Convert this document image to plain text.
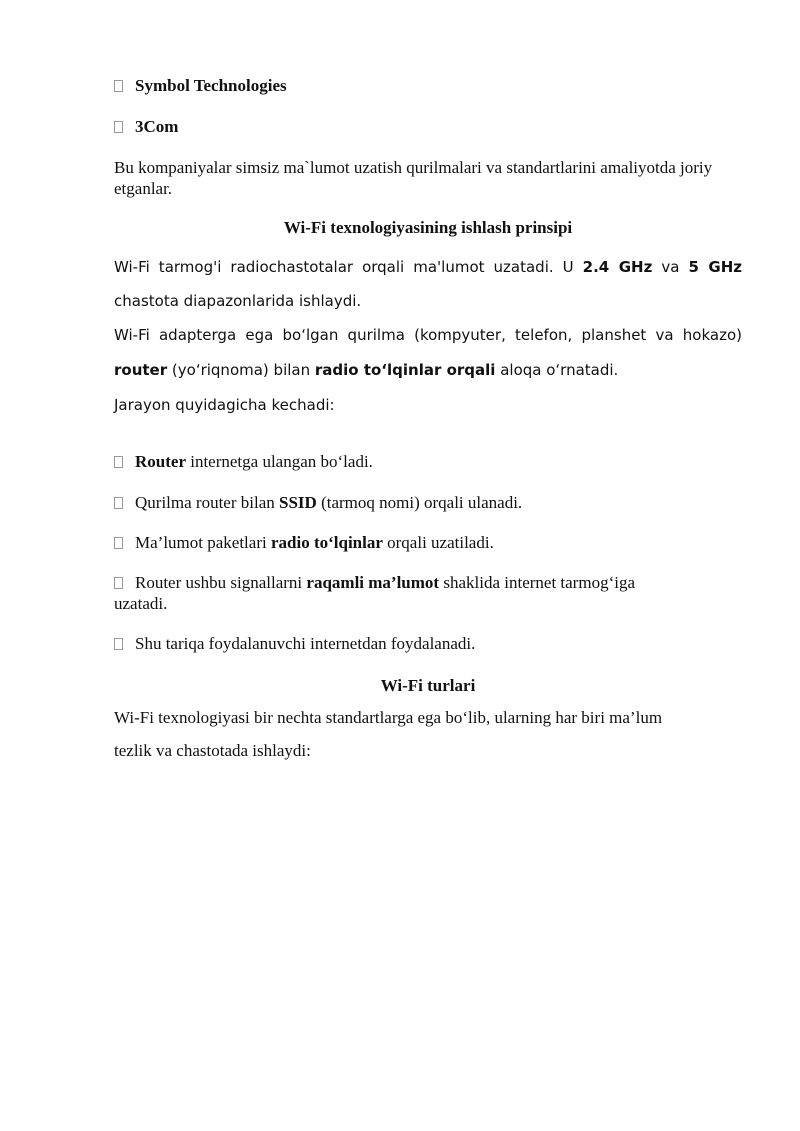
Symbol Technologies
3Com
Bu kompaniyalar simsiz ma`lumot uzatish qurilmalari va standartlarini amaliyotda joriy etganlar.
Wi-Fi texnologiyasining ishlash prinsipi
Wi-Fi tarmog'i radiochastotalar orqali ma'lumot uzatadi. U 2.4 GHz va 5 GHz
chastota diapazonlarida ishlaydi.
Wi-Fi adapterga ega bo‘lgan qurilma (kompyuter, telefon, planshet va hokazo)
router (yo‘riqnoma) bilan radio to‘lqinlar orqali aloqa o‘rnatadi.
Jarayon quyidagicha kechadi:
Router internetga ulangan bo‘ladi.
Qurilma router bilan SSID (tarmoq nomi) orqali ulanadi.
Ma’lumot paketlari radio to‘lqinlar orqali uzatiladi.
Router ushbu signallarni raqamli ma’lumot shaklida internet tarmog‘iga
uzatadi.
Shu tariqa foydalanuvchi internetdan foydalanadi.
Wi-Fi turlari
Wi-Fi texnologiyasi bir nechta standartlarga ega bo‘lib, ularning har biri ma’lum
tezlik va chastotada ishlaydi:
